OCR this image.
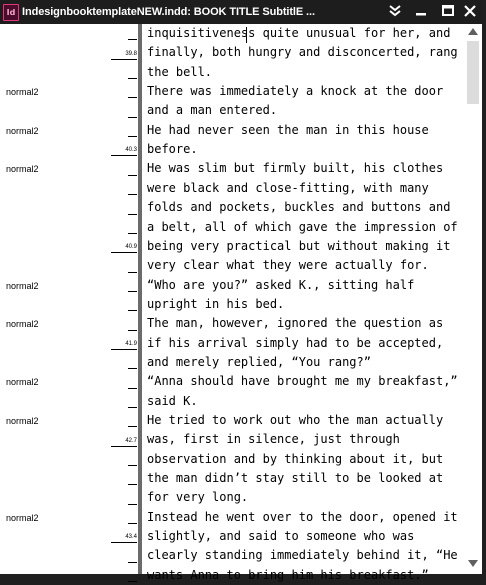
Id IndesignbooktemplateNEW.indd: BOOK TITLE SubtitlE ...
normal2
normal2
normal2
normal2
normal2
normal2
normal2
normal2
inquisitiveness quite unusual for her, and
finally, both hungry and disconcerted, rang
the bell.
There was immediately a knock at the door
and a man entered.
He had never seen the man in this house
before.
He was slim but firmly built, his clothes
were black and close-fitting, with many
folds and pockets, buckles and buttons and
a belt, all of which gave the impression of
being very practical but without making it
very clear what they were actually for.
“Who are you?” asked K., sitting half
upright in his bed.
The man, however, ignored the question as
if his arrival simply had to be accepted,
and merely replied, “You rang?”
“Anna should have brought me my breakfast,”
said K.
He tried to work out who the man actually
was, first in silence, just through
observation and by thinking about it, but
the man didn’t stay still to be looked at
for very long.
Instead he went over to the door, opened it
slightly, and said to someone who was
clearly standing immediately behind it, “He
wants Anna to bring him his breakfast.”
39.8
40.3
40.9
41.9
42.7
43.4
